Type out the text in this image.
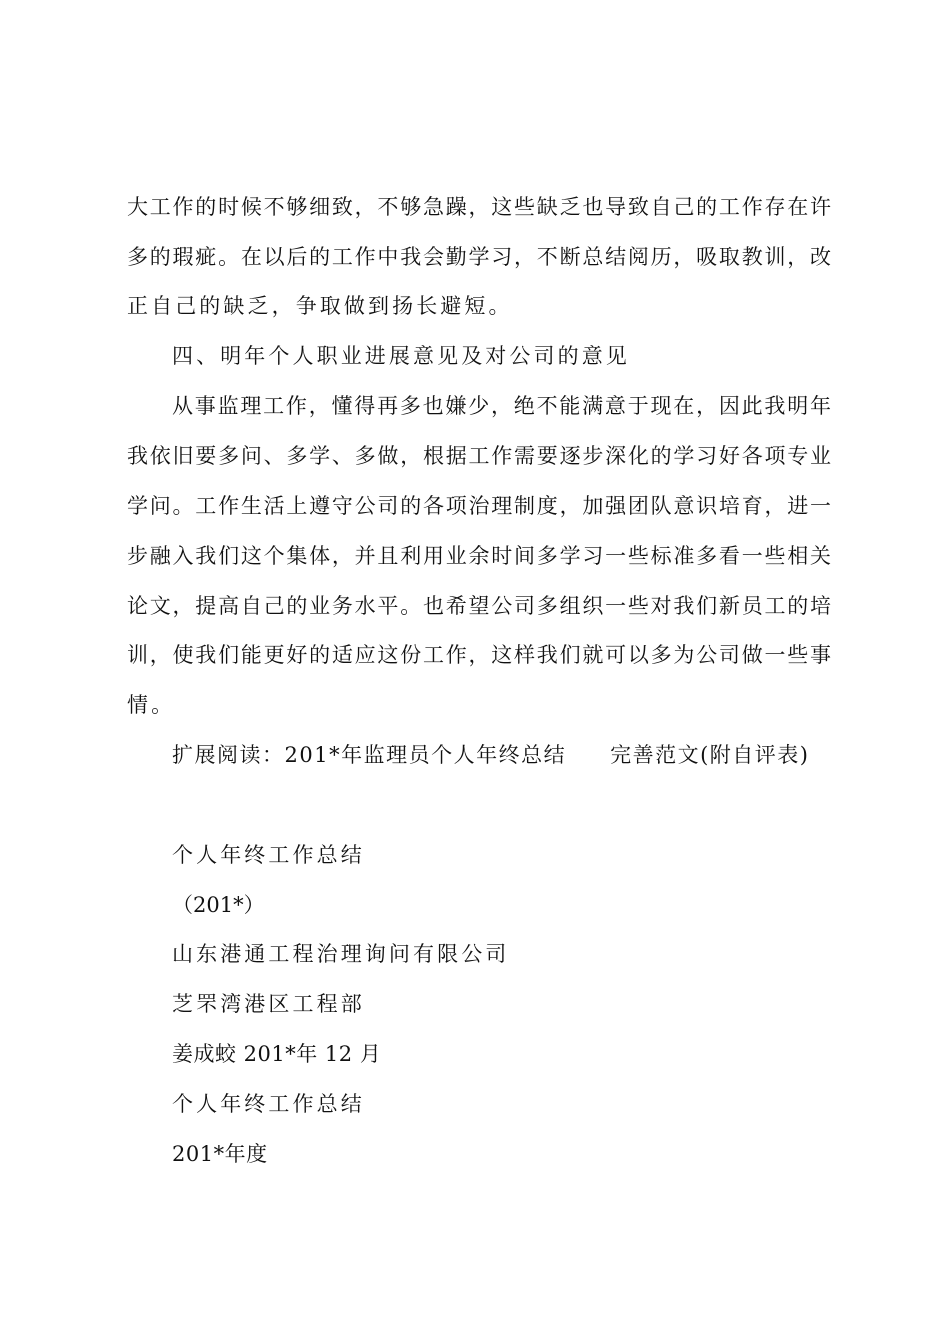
大工作的时候不够细致，不够急躁，这些缺乏也导致自己的工作存在许
多的瑕疵。在以后的工作中我会勤学习，不断总结阅历，吸取教训，改
正自己的缺乏，争取做到扬长避短。
四、明年个人职业进展意见及对公司的意见
从事监理工作，懂得再多也嫌少，绝不能满意于现在，因此我明年
我依旧要多问、多学、多做，根据工作需要逐步深化的学习好各项专业
学问。工作生活上遵守公司的各项治理制度，加强团队意识培育，进一
步融入我们这个集体，并且利用业余时间多学习一些标准多看一些相关
论文，提高自己的业务水平。也希望公司多组织一些对我们新员工的培
训，使我们能更好的适应这份工作，这样我们就可以多为公司做一些事
情。
扩展阅读：201*年监理员个人年终总结 完善范文(附自评表)
个人年终工作总结
（201*）
山东港通工程治理询问有限公司
芝罘湾港区工程部
姜成蛟 201*年 12 月
个人年终工作总结
201*年度
